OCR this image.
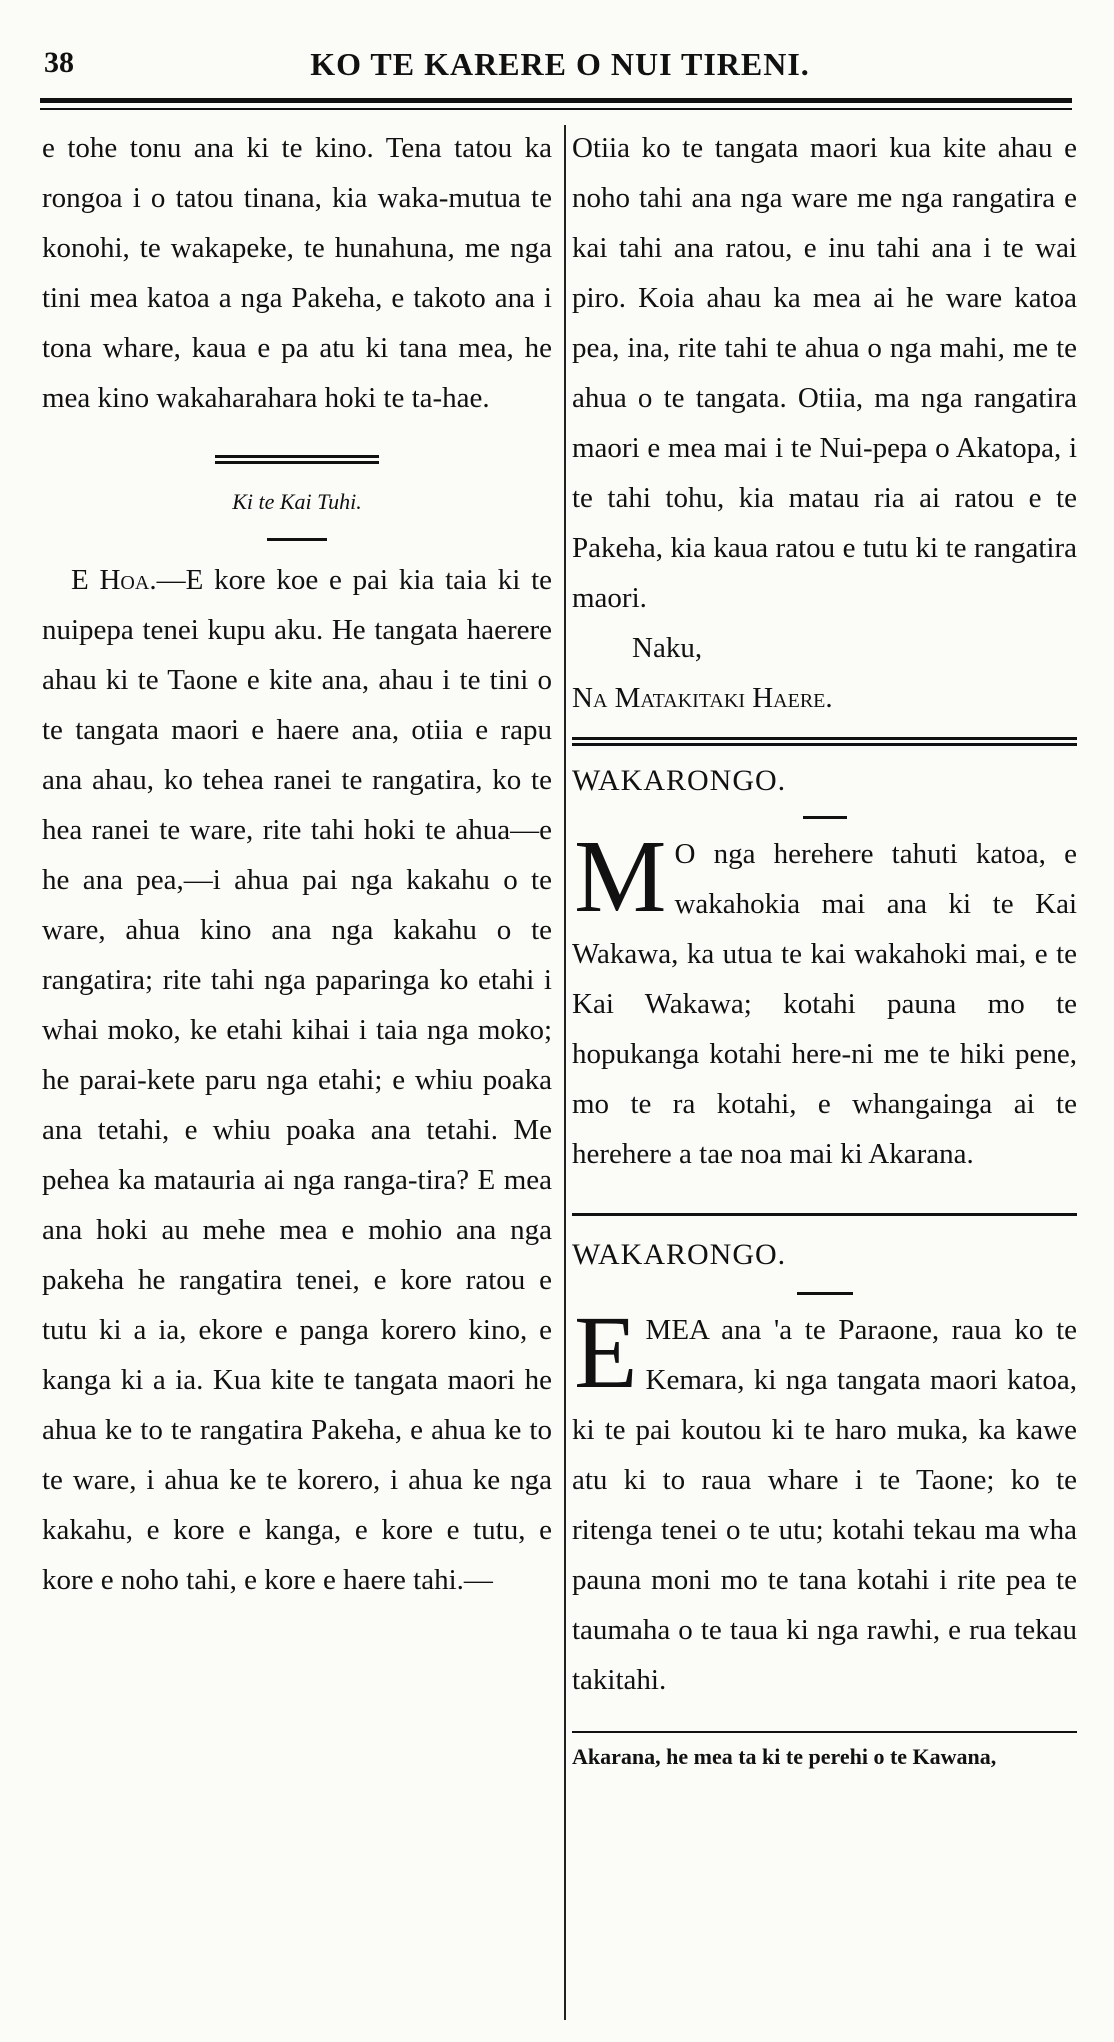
38	KO TE KARERE O NUI TIRENI.

e tohe tonu ana ki te kino. Tena tatou ka rongoa i o tatou tinana, kia waka-mutua te konohi, te wakapeke, te hunahuna, me nga tini mea katoa a nga Pakeha, e takoto ana i tona whare, kaua e pa atu ki tana mea, he mea kino wakaharahara hoki te ta-hae.

Ki te Kai Tuhi.

 E Hoa.—E kore koe e pai kia taia ki te nuipepa tenei kupu aku. He tangata haerere ahau ki te Taone e kite ana, ahau i te tini o te tangata maori e haere ana, otiia e rapu ana ahau, ko tehea ranei te rangatira, ko te hea ranei te ware, rite tahi hoki te ahua—e he ana pea,—i ahua pai nga kakahu o te ware, ahua kino ana nga kakahu o te rangatira; rite tahi nga paparinga ko etahi i whai moko, ke etahi kihai i taia nga moko; he parai-kete paru nga etahi; e whiu poaka ana tetahi, e whiu poaka ana tetahi. Me pehea ka matauria ai nga ranga-tira? E mea ana hoki au mehe mea e mohio ana nga pakeha he rangatira tenei, e kore ratou e tutu ki a ia, ekore e panga korero kino, e kanga ki a ia. Kua kite te tangata maori he ahua ke to te rangatira Pakeha, e ahua ke to te ware, i ahua ke te korero, i ahua ke nga kakahu, e kore e kanga, e kore e tutu, e kore e noho tahi, e kore e haere tahi.—

Otiia ko te tangata maori kua kite ahau e noho tahi ana nga ware me nga rangatira e kai tahi ana ratou, e inu tahi ana i te wai piro. Koia ahau ka mea ai he ware katoa pea, ina, rite tahi te ahua o nga mahi, me te ahua o te tangata. Otiia, ma nga rangatira maori e mea mai i te Nui-pepa o Akatopa, i te tahi tohu, kia matau ria ai ratou e te Pakeha, kia kaua ratou e tutu ki te rangatira maori.

Naku,

Na Matakitaki Haere.

WAKARONGO.

M O nga herehere tahuti katoa, e wakahokia mai ana ki te Kai Wakawa, ka utua te kai wakahoki mai, e te Kai Wakawa; kotahi pauna mo te hopukanga kotahi here-ni me te hiki pene, mo te ra kotahi, e whangainga ai te herehere a tae noa mai ki Akarana.

WAKARONGO.

EMEA ana 'a te Paraone, raua ko te Kemara, ki nga tangata maori katoa, ki te pai koutou ki te haro muka, ka kawe atu ki to raua whare i te Taone; ko te ritenga tenei o te utu; kotahi tekau ma wha pauna moni mo te tana kotahi i rite pea te taumaha o te taua ki nga rawhi, e rua tekau takitahi.

Akarana, he mea ta ki te perehi o te Kawana,
